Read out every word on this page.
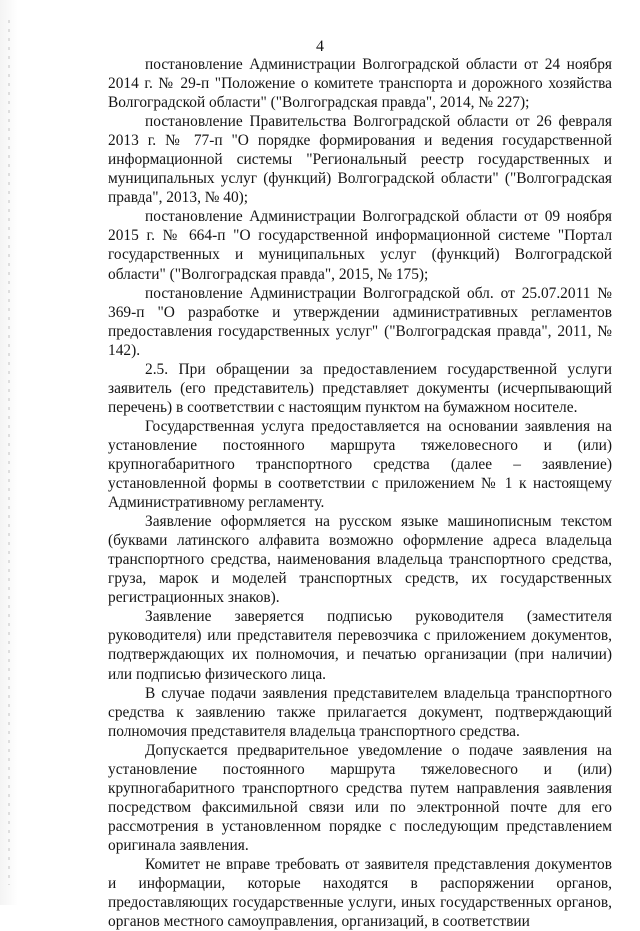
4

постановление Администрации Волгоградской области от 24 ноября 2014 г. № 29-п "Положение о комитете транспорта и дорожного хозяйства Волгоградской области" ("Волгоградская правда", 2014, № 227);

постановление Правительства Волгоградской области от 26 февраля 2013 г. № 77-п "О порядке формирования и ведения государственной информационной системы "Региональный реестр государственных и муниципальных услуг (функций) Волгоградской области" ("Волгоградская правда", 2013, № 40);

постановление Администрации Волгоградской области от 09 ноября 2015 г. № 664-п "О государственной информационной системе "Портал государственных и муниципальных услуг (функций) Волгоградской области" ("Волгоградская правда", 2015, № 175);

постановление Администрации Волгоградской обл. от 25.07.2011 № 369-п "О разработке и утверждении административных регламентов предоставления государственных услуг" ("Волгоградская правда", 2011, № 142).

2.5. При обращении за предоставлением государственной услуги заявитель (его представитель) представляет документы (исчерпывающий перечень) в соответствии с настоящим пунктом на бумажном носителе.

Государственная услуга предоставляется на основании заявления на установление постоянного маршрута тяжеловесного и (или) крупногабаритного транспортного средства (далее – заявление) установленной формы в соответствии с приложением № 1 к настоящему Административному регламенту.

Заявление оформляется на русском языке машинописным текстом (буквами латинского алфавита возможно оформление адреса владельца транспортного средства, наименования владельца транспортного средства, груза, марок и моделей транспортных средств, их государственных регистрационных знаков).

Заявление заверяется подписью руководителя (заместителя руководителя) или представителя перевозчика с приложением документов, подтверждающих их полномочия, и печатью организации (при наличии) или подписью физического лица.

В случае подачи заявления представителем владельца транспортного средства к заявлению также прилагается документ, подтверждающий полномочия представителя владельца транспортного средства.

Допускается предварительное уведомление о подаче заявления на установление постоянного маршрута тяжеловесного и (или) крупногабаритного транспортного средства путем направления заявления посредством факсимильной связи или по электронной почте для его рассмотрения в установленном порядке с последующим представлением оригинала заявления.

Комитет не вправе требовать от заявителя представления документов и информации, которые находятся в распоряжении органов, предоставляющих государственные услуги, иных государственных органов, органов местного самоуправления, организаций, в соответствии
